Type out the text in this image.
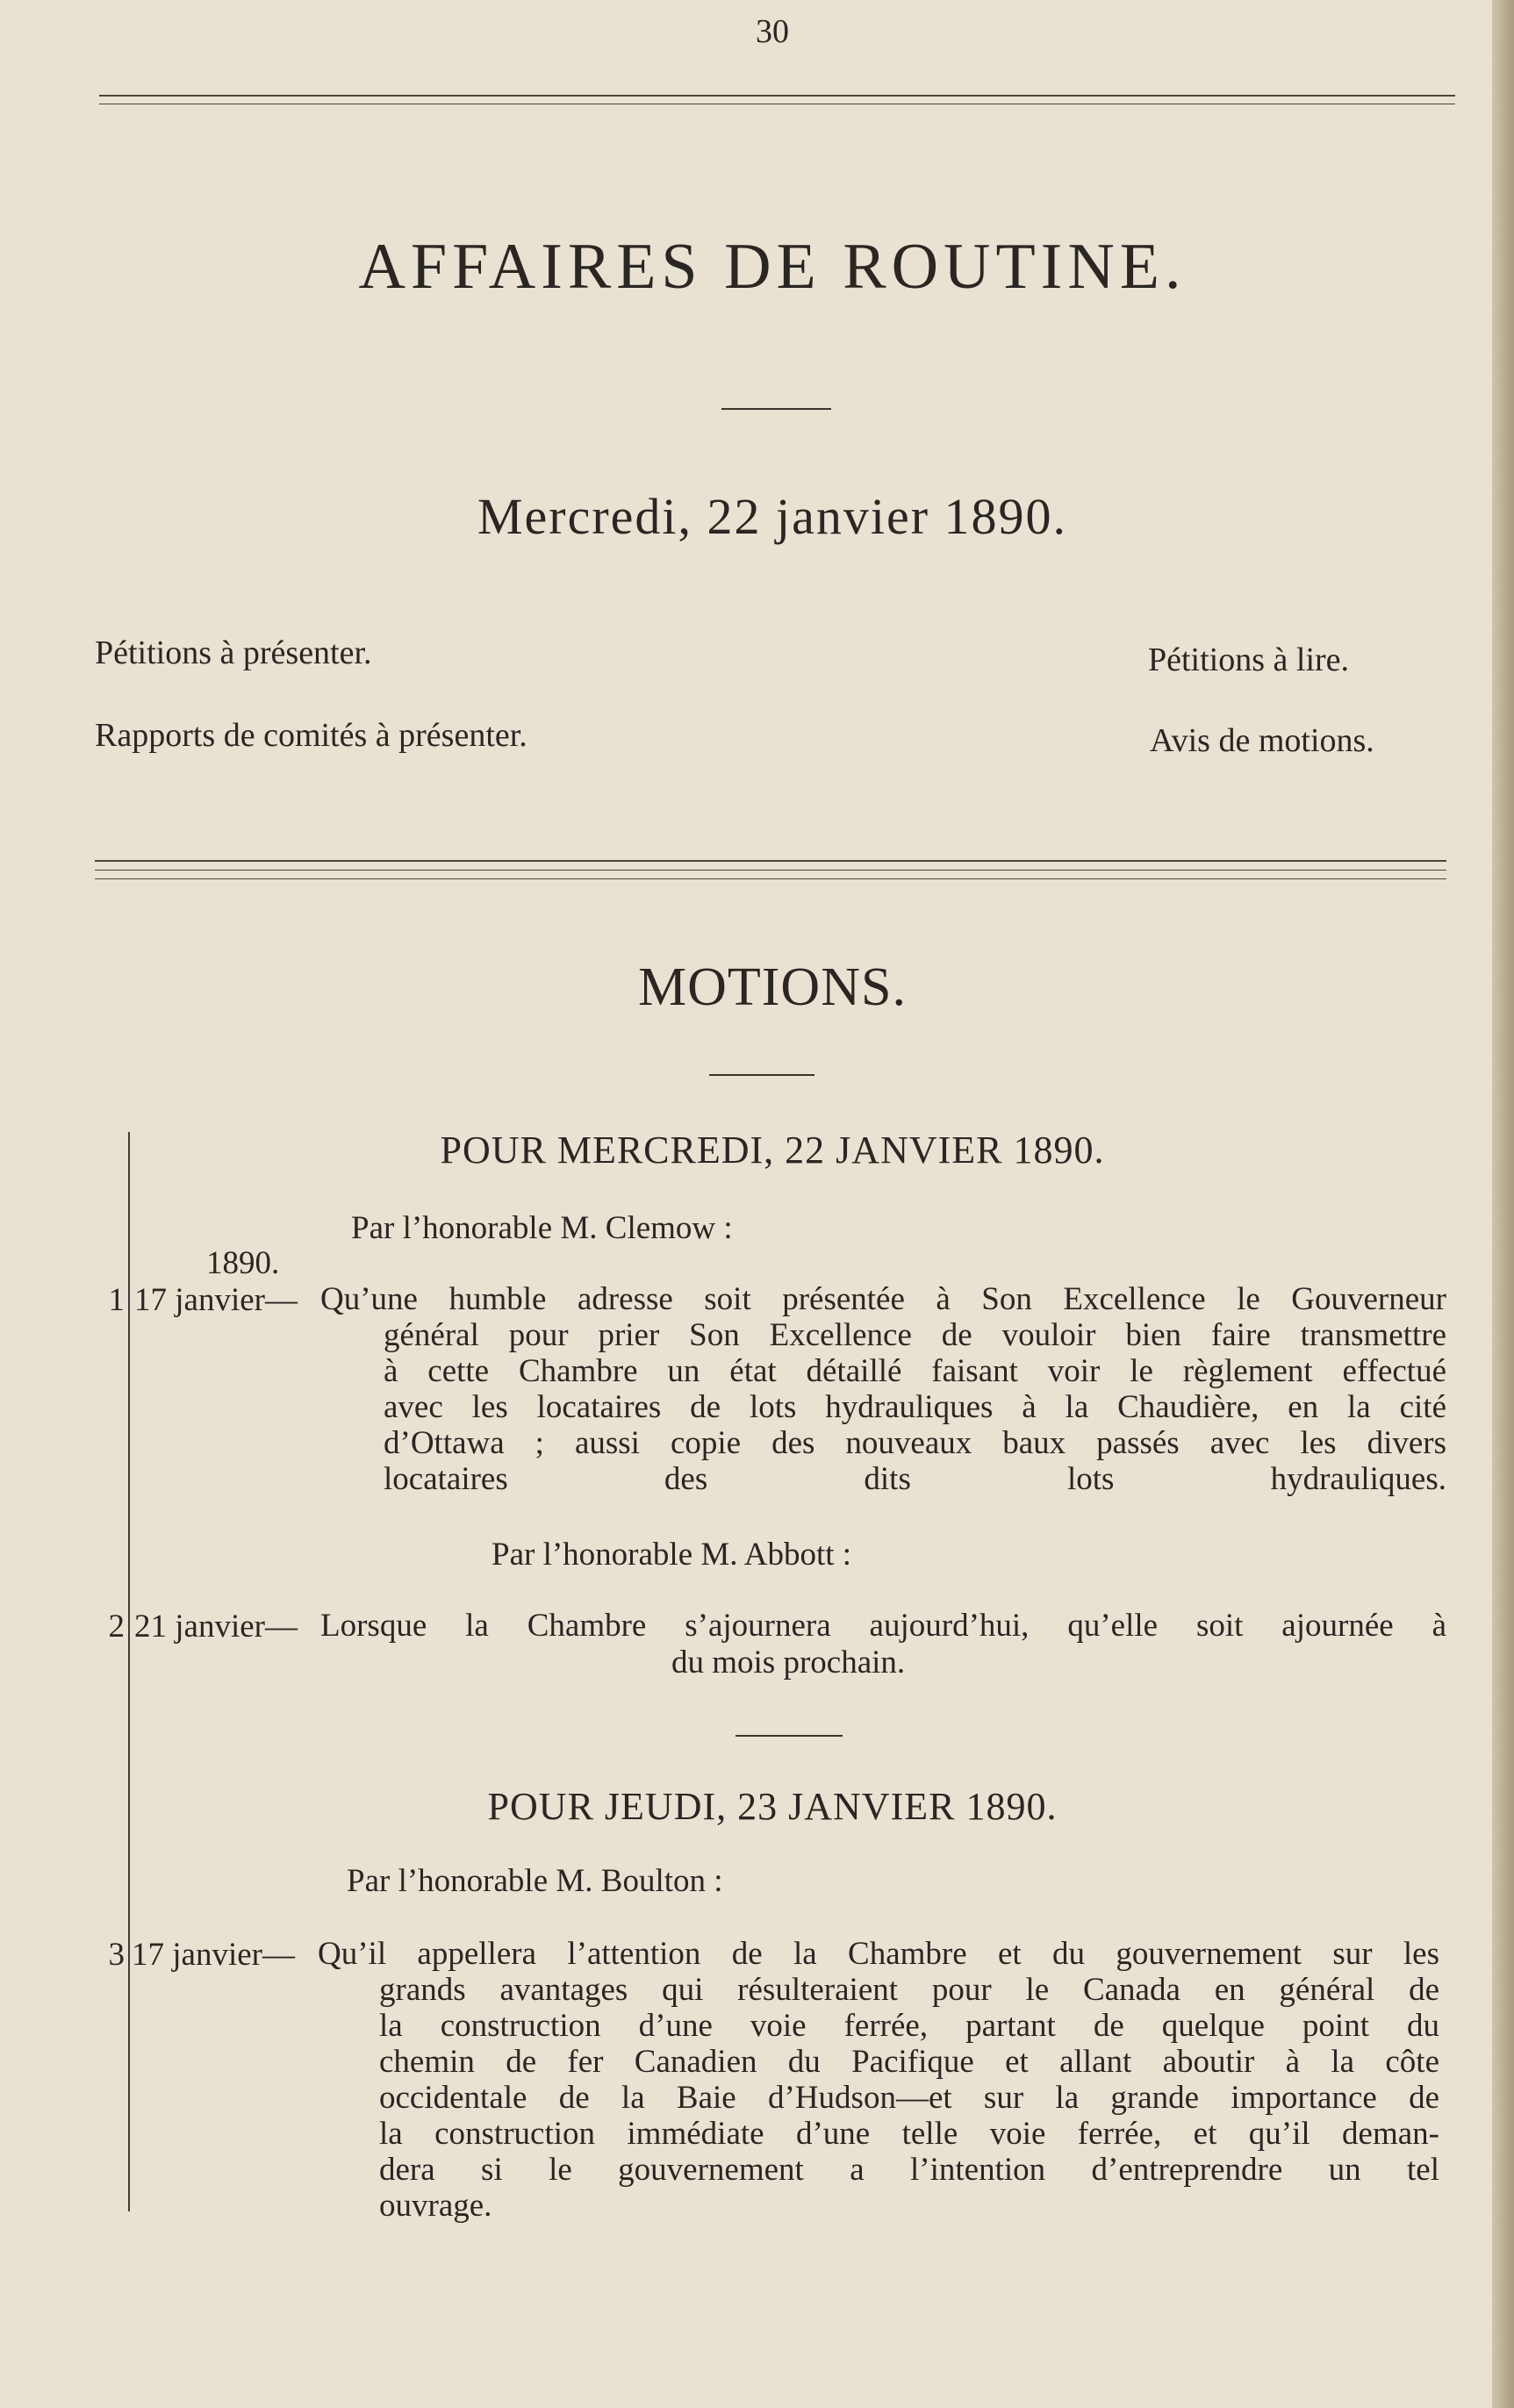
30
AFFAIRES DE ROUTINE.
Mercredi, 22 janvier 1890.
Pétitions à présenter.
Rapports de comités à présenter.
Pétitions à lire.
Avis de motions.
MOTIONS.
POUR MERCREDI, 22 JANVIER 1890.
Par l’honorable M. Clemow :
1890.
1 17 janvier— Qu’une humble adresse soit présentée à Son Excellence le Gouverneur
général pour prier Son Excellence de vouloir bien faire transmettre
à cette Chambre un état détaillé faisant voir le règlement effectué
avec les locataires de lots hydrauliques à la Chaudière, en la cité
d’Ottawa ; aussi copie des nouveaux baux passés avec les divers
locataires des dits lots hydrauliques.
Par l’honorable M. Abbott :
2 21 janvier— Lorsque la Chambre s’ajournera aujourd’hui, qu’elle soit ajournée à
du mois prochain.
POUR JEUDI, 23 JANVIER 1890.
Par l’honorable M. Boulton :
3 17 janvier— Qu’il appellera l’attention de la Chambre et du gouvernement sur les
grands avantages qui résulteraient pour le Canada en général de
la construction d’une voie ferrée, partant de quelque point du
chemin de fer Canadien du Pacifique et allant aboutir à la côte
occidentale de la Baie d’Hudson—et sur la grande importance de
la construction immédiate d’une telle voie ferrée, et qu’il deman-
dera si le gouvernement a l’intention d’entreprendre un tel
ouvrage.
